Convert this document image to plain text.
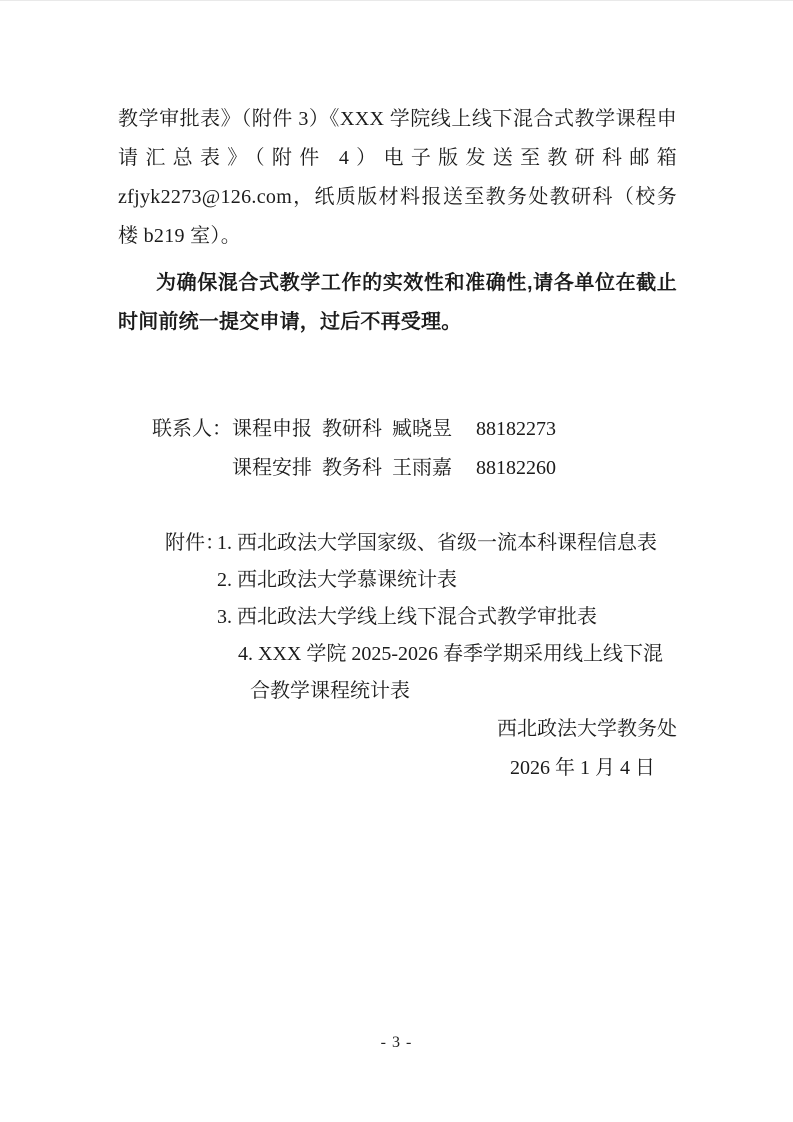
教学审批表》（附件 3）《XXX 学院线上线下混合式教学课程申请汇总表》（附件 4）电子版发送至教研科邮箱 zfjyk2273@126.com，纸质版材料报送至教务处教研科（校务楼 b219 室）。

为确保混合式教学工作的实效性和准确性,请各单位在截止时间前统一提交申请，过后不再受理。

联系人：课程申报 教研科 臧晓昱 88182273
课程安排 教务科 王雨嘉 88182260
附件：
1. 西北政法大学国家级、省级一流本科课程信息表
2. 西北政法大学慕课统计表
3. 西北政法大学线上线下混合式教学审批表
4. XXX 学院 2025-2026 春季学期采用线上线下混合教学课程统计表
西北政法大学教务处
2026 年 1 月 4 日
- 3 -
